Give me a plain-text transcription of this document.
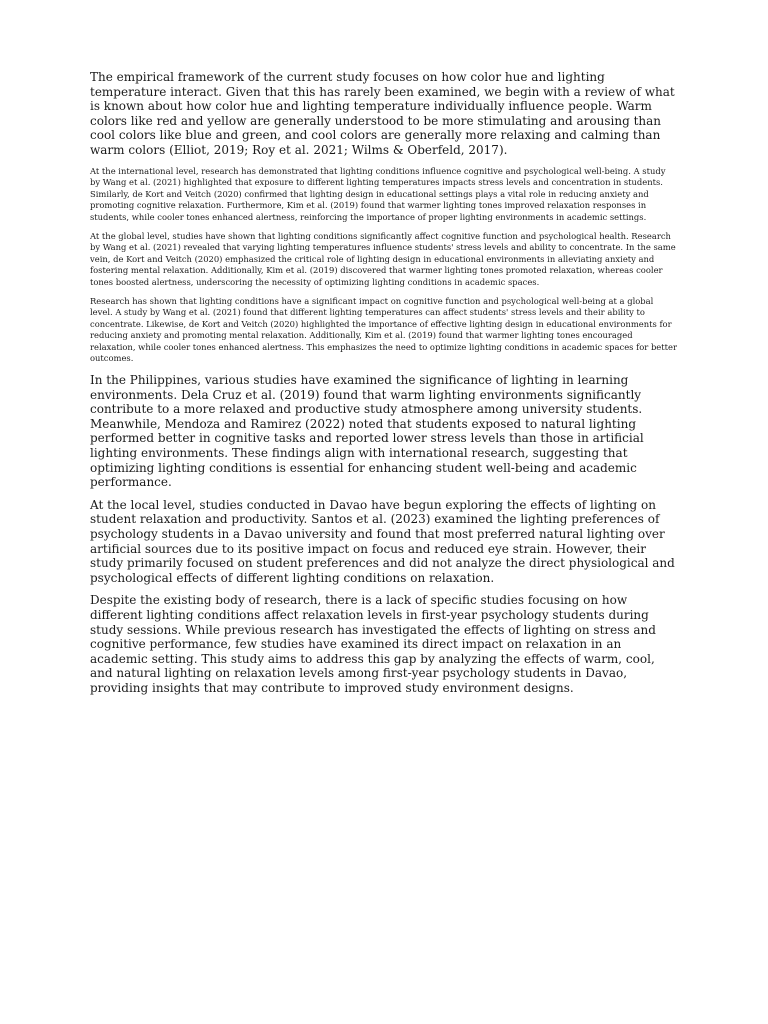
The empirical framework of the current study focuses on how color hue and lighting temperature interact. Given that this has rarely been examined, we begin with a review of what is known about how color hue and lighting temperature individually influence people. Warm colors like red and yellow are generally understood to be more stimulating and arousing than cool colors like blue and green, and cool colors are generally more relaxing and calming than warm colors (Elliot, 2019; Roy et al. 2021; Wilms & Oberfeld, 2017).

At the international level, research has demonstrated that lighting conditions influence cognitive and psychological well-being. A study by Wang et al. (2021) highlighted that exposure to different lighting temperatures impacts stress levels and concentration in students. Similarly, de Kort and Veitch (2020) confirmed that lighting design in educational settings plays a vital role in reducing anxiety and promoting cognitive relaxation. Furthermore, Kim et al. (2019) found that warmer lighting tones improved relaxation responses in students, while cooler tones enhanced alertness, reinforcing the importance of proper lighting environments in academic settings.

At the global level, studies have shown that lighting conditions significantly affect cognitive function and psychological health. Research by Wang et al. (2021) revealed that varying lighting temperatures influence students' stress levels and ability to concentrate. In the same vein, de Kort and Veitch (2020) emphasized the critical role of lighting design in educational environments in alleviating anxiety and fostering mental relaxation. Additionally, Kim et al. (2019) discovered that warmer lighting tones promoted relaxation, whereas cooler tones boosted alertness, underscoring the necessity of optimizing lighting conditions in academic spaces.

Research has shown that lighting conditions have a significant impact on cognitive function and psychological well-being at a global level. A study by Wang et al. (2021) found that different lighting temperatures can affect students' stress levels and their ability to concentrate. Likewise, de Kort and Veitch (2020) highlighted the importance of effective lighting design in educational environments for reducing anxiety and promoting mental relaxation. Additionally, Kim et al. (2019) found that warmer lighting tones encouraged relaxation, while cooler tones enhanced alertness. This emphasizes the need to optimize lighting conditions in academic spaces for better outcomes.

In the Philippines, various studies have examined the significance of lighting in learning environments. Dela Cruz et al. (2019) found that warm lighting environments significantly contribute to a more relaxed and productive study atmosphere among university students. Meanwhile, Mendoza and Ramirez (2022) noted that students exposed to natural lighting performed better in cognitive tasks and reported lower stress levels than those in artificial lighting environments. These findings align with international research, suggesting that optimizing lighting conditions is essential for enhancing student well-being and academic performance.

At the local level, studies conducted in Davao have begun exploring the effects of lighting on student relaxation and productivity. Santos et al. (2023) examined the lighting preferences of psychology students in a Davao university and found that most preferred natural lighting over artificial sources due to its positive impact on focus and reduced eye strain. However, their study primarily focused on student preferences and did not analyze the direct physiological and psychological effects of different lighting conditions on relaxation.

Despite the existing body of research, there is a lack of specific studies focusing on how different lighting conditions affect relaxation levels in first-year psychology students during study sessions. While previous research has investigated the effects of lighting on stress and cognitive performance, few studies have examined its direct impact on relaxation in an academic setting. This study aims to address this gap by analyzing the effects of warm, cool, and natural lighting on relaxation levels among first-year psychology students in Davao, providing insights that may contribute to improved study environment designs.
